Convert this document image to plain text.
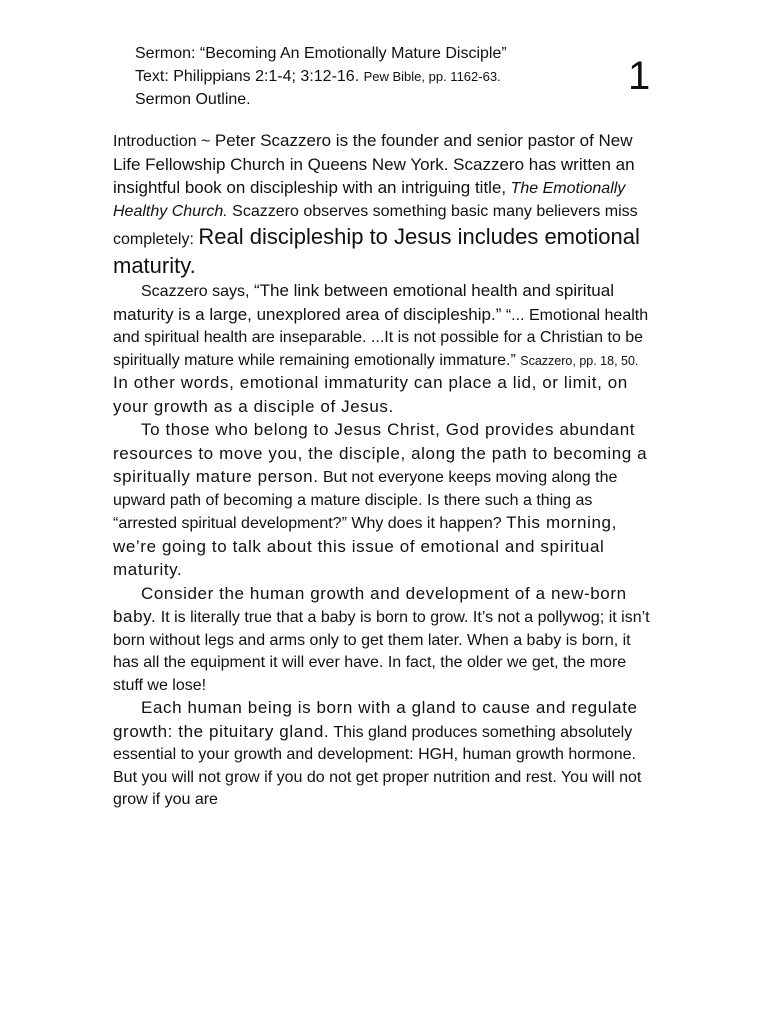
Sermon: “Becoming An Emotionally Mature Disciple”
Text: Philippians 2:1-4; 3:12-16. Pew Bible, pp. 1162-63.
Sermon Outline.
1

Introduction ~ Peter Scazzero is the founder and senior pastor of New Life Fellowship Church in Queens New York. Scazzero has written an insightful book on discipleship with an intriguing title, The Emotionally Healthy Church. Scazzero observes something basic many believers miss completely: Real discipleship to Jesus includes emotional maturity.

Scazzero says, “The link between emotional health and spiritual maturity is a large, unexplored area of discipleship.” “... Emotional health and spiritual health are inseparable. ...It is not possible for a Christian to be spiritually mature while remaining emotionally immature.” Scazzero, pp. 18, 50. In other words, emotional immaturity can place a lid, or limit, on your growth as a disciple of Jesus.

To those who belong to Jesus Christ, God provides abundant resources to move you, the disciple, along the path to becoming a spiritually mature person. But not everyone keeps moving along the upward path of becoming a mature disciple. Is there such a thing as “arrested spiritual development?” Why does it happen? This morning, we’re going to talk about this issue of emotional and spiritual maturity.

Consider the human growth and development of a new-born baby. It is literally true that a baby is born to grow. It’s not a pollywog; it isn’t born without legs and arms only to get them later. When a baby is born, it has all the equipment it will ever have. In fact, the older we get, the more stuff we lose!

Each human being is born with a gland to cause and regulate growth: the pituitary gland. This gland produces something absolutely essential to your growth and development: HGH, human growth hormone. But you will not grow if you do not get proper nutrition and rest. You will not grow if you are
